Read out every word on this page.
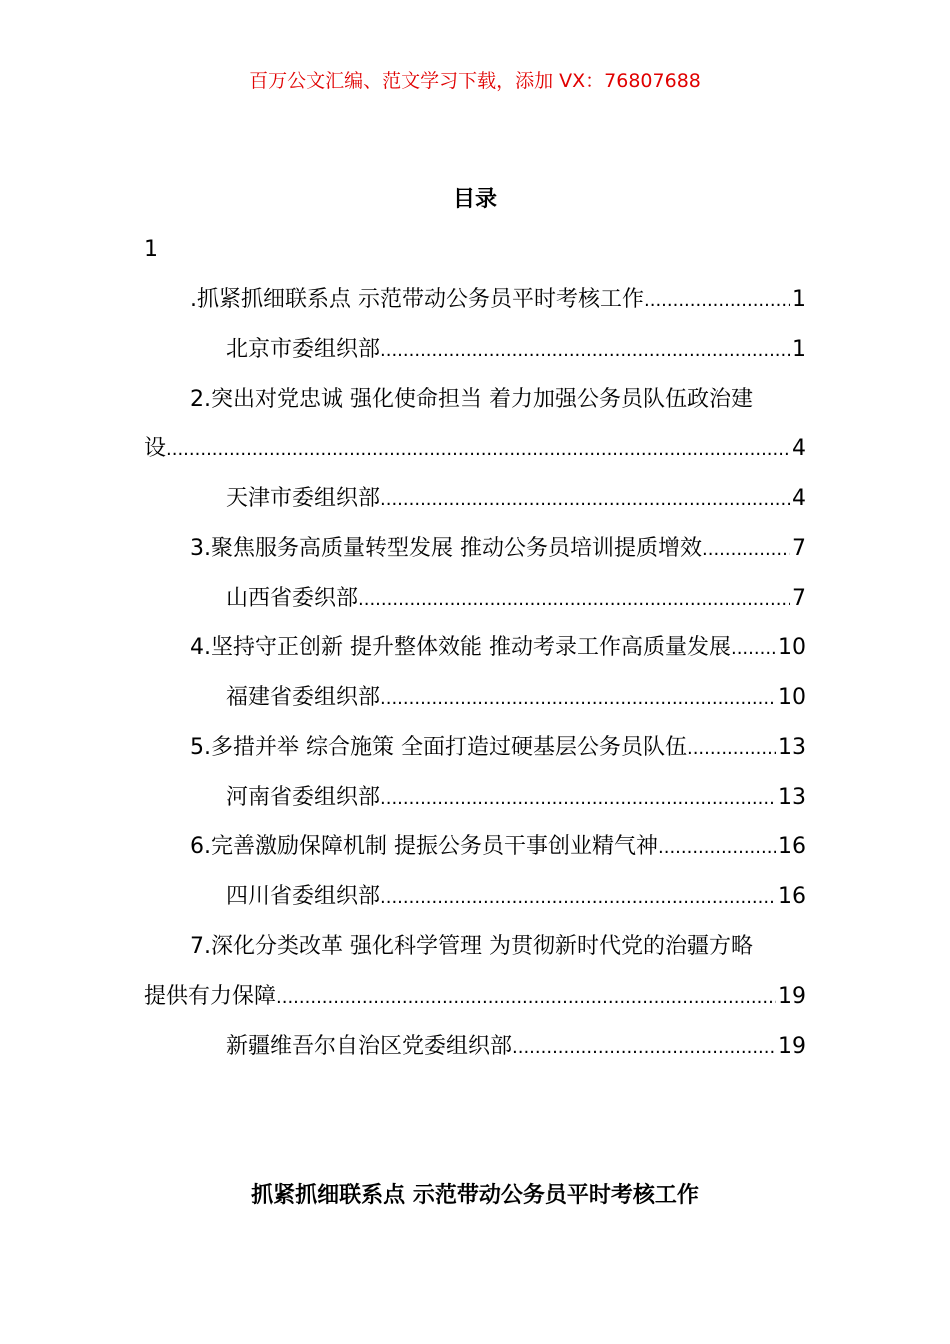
百万公文汇编、范文学习下载，添加 VX：76807688
目录
1
.抓紧抓细联系点 示范带动公务员平时考核工作 .....	1
北京市委组织部 .....	1
2.突出对党忠诚 强化使命担当 着力加强公务员队伍政治建
设 .....	4
天津市委组织部 .....	4
3.聚焦服务高质量转型发展 推动公务员培训提质增效 .....	7
山西省委织部 .....	7
4.坚持守正创新 提升整体效能 推动考录工作高质量发展 ..... 10
福建省委组织部 .....	10
5.多措并举 综合施策 全面打造过硬基层公务员队伍 .....	13
河南省委组织部 .....	13
6.完善激励保障机制 提振公务员干事创业精气神 .....	16
四川省委组织部 .....	16
7.深化分类改革 强化科学管理 为贯彻新时代党的治疆方略
提供有力保障 .....	19
新疆维吾尔自治区党委组织部 .....	19
抓紧抓细联系点 示范带动公务员平时考核工作
